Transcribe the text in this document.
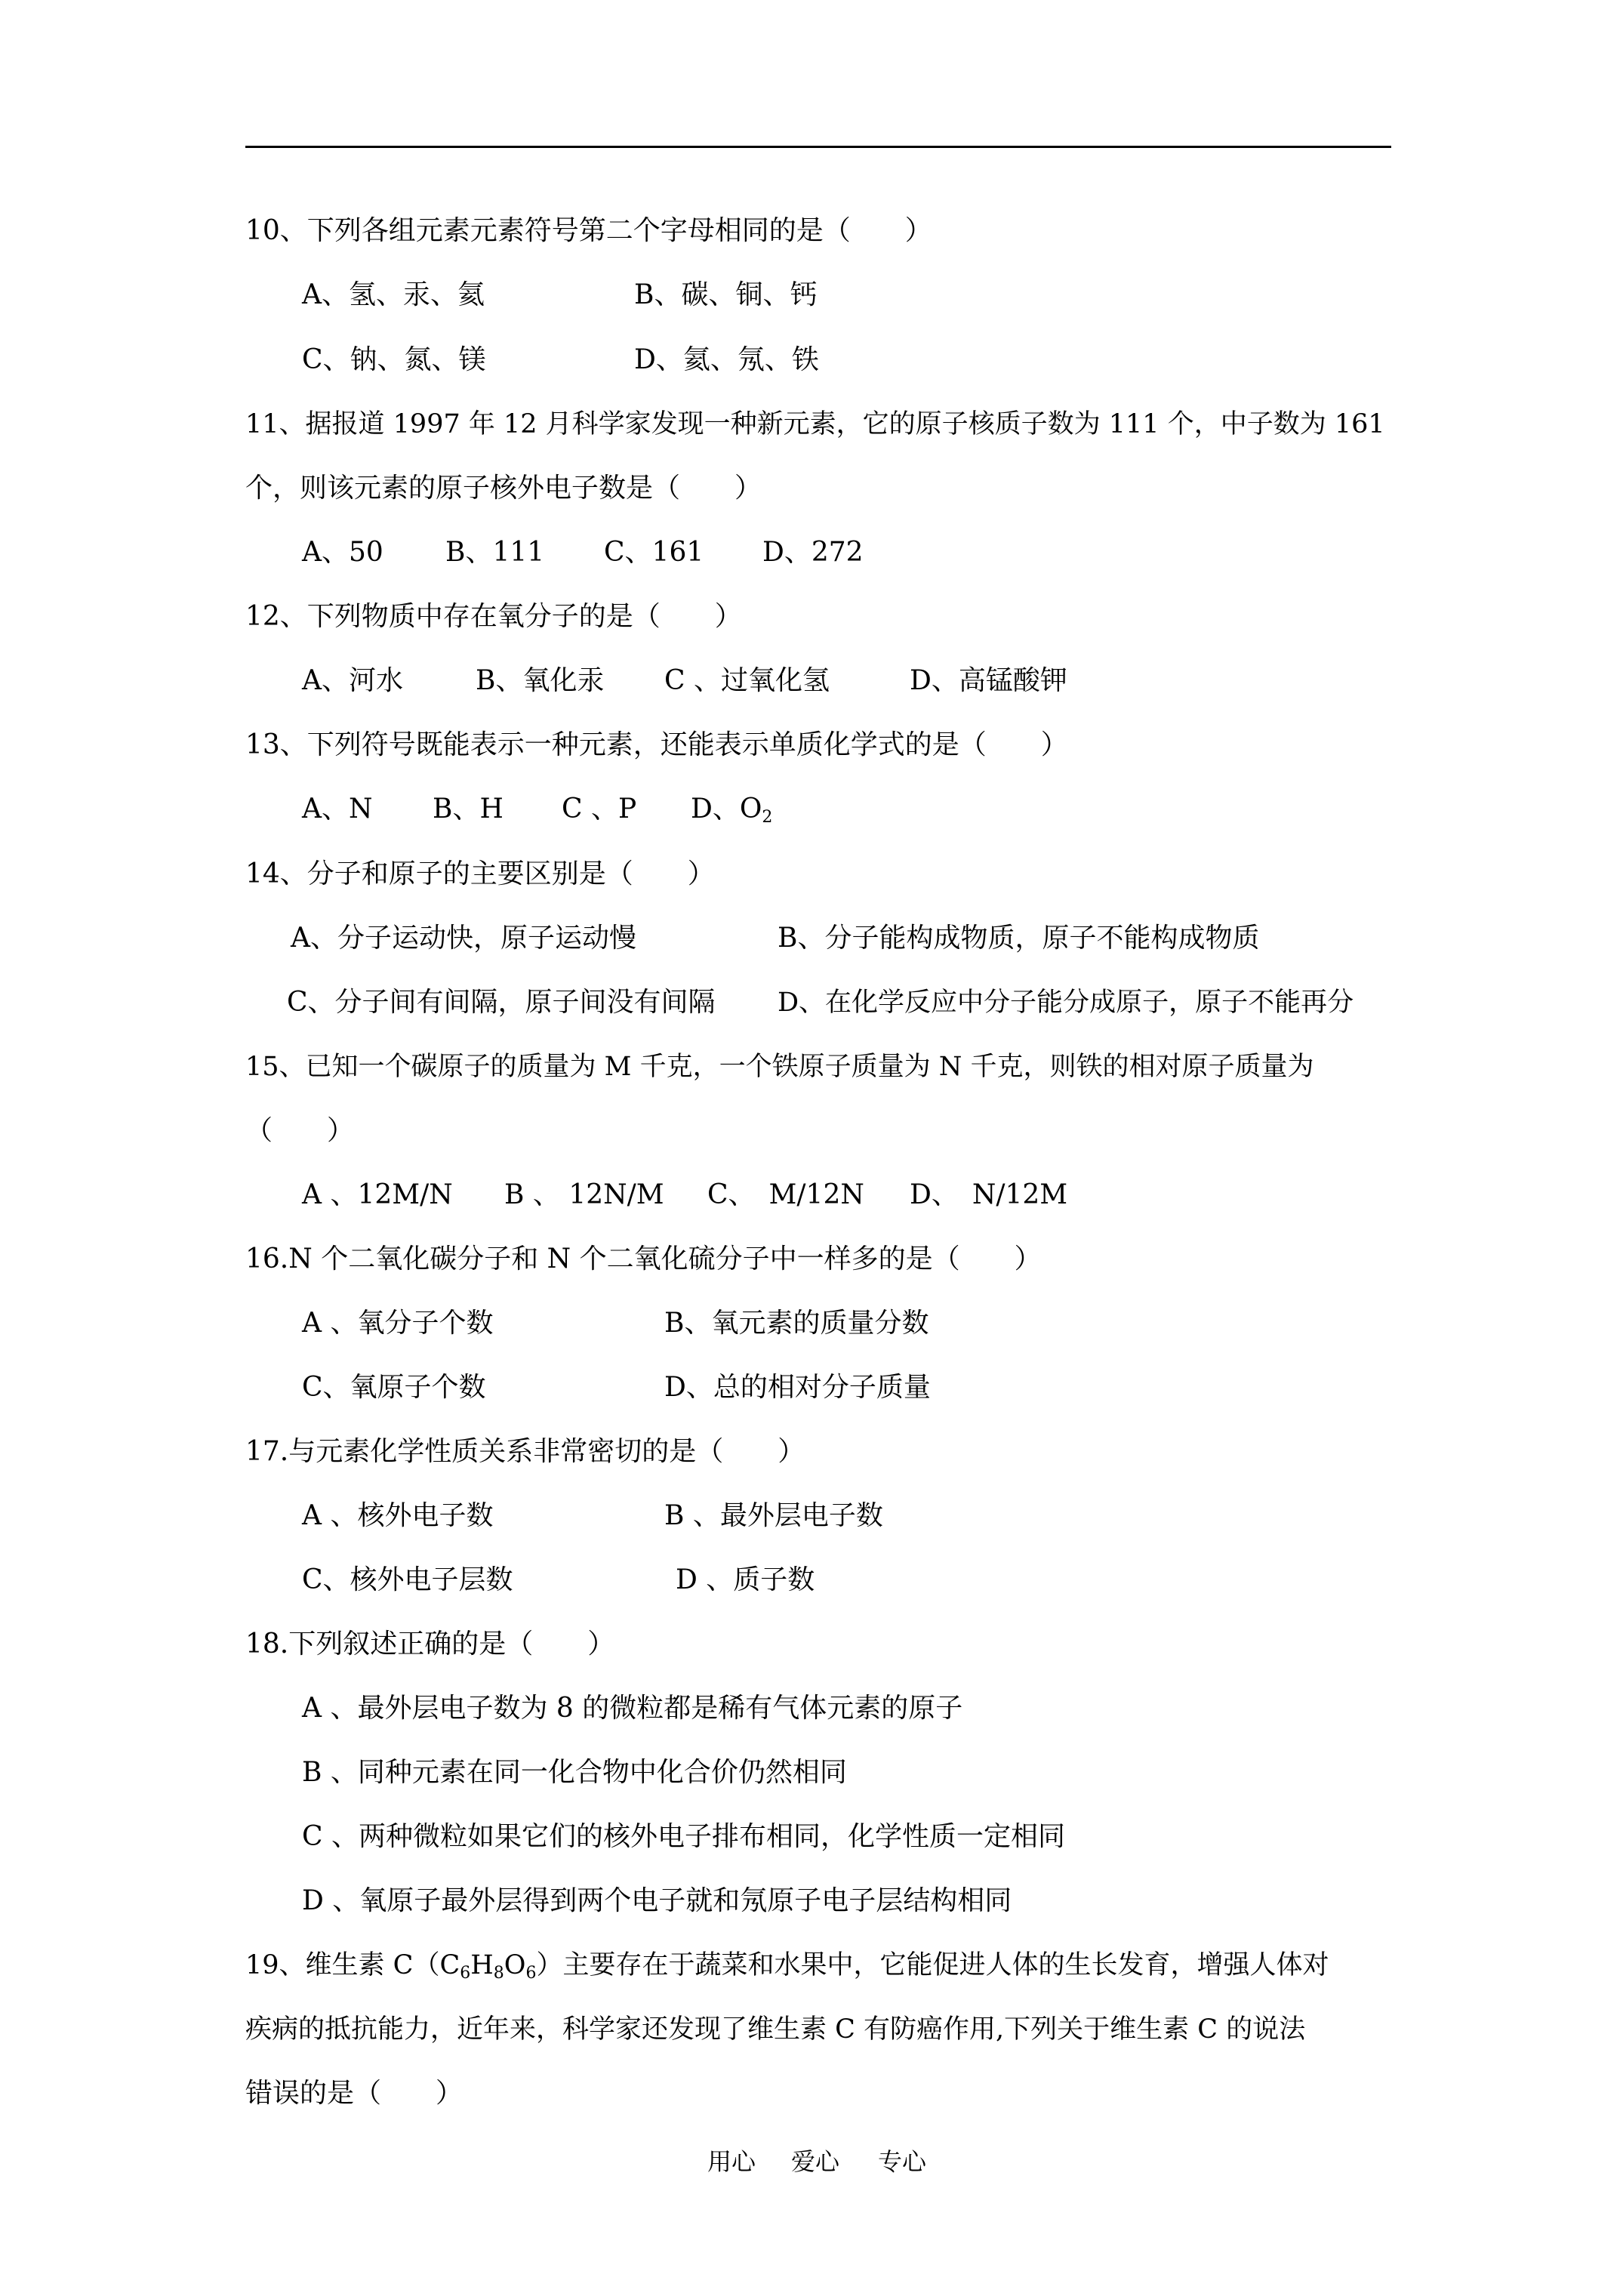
10、下列各组元素元素符号第二个字母相同的是（　　）
A、氢、汞、氦	B、碳、铜、钙
C、钠、氮、镁	D、氦、氖、铁
11、据报道 1997 年 12 月科学家发现一种新元素，它的原子核质子数为 111 个，中子数为 161
个，则该元素的原子核外电子数是（　　）
A、50 B、111 C、161 D、272
12、下列物质中存在氧分子的是（　　）
A、河水	B、氧化汞 C 、过氧化氢	D、高锰酸钾
13、下列符号既能表示一种元素，还能表示单质化学式的是（　　）
A、N B、H C 、P D、$O_2$
14、分子和原子的主要区别是（　　）
A、分子运动快，原子运动慢	B、分子能构成物质，原子不能构成物质
C、分子间有间隔，原子间没有间隔 D、在化学反应中分子能分成原子，原子不能再分
15、已知一个碳原子的质量为 M 千克，一个铁原子质量为 N 千克，则铁的相对原子质量为
（　　）
A 、12M/N B 、 12N/M C、　M/12N D、　N/12M
16.N 个二氧化碳分子和 N 个二氧化硫分子中一样多的是（　　）
A 、氧分子个数	B、氧元素的质量分数
C、氧原子个数	D、总的相对分子质量
17.与元素化学性质关系非常密切的是（　　）
A 、核外电子数	B 、最外层电子数
C、核外电子层数	D 、质子数
18.下列叙述正确的是（　　）
A 、最外层电子数为 8 的微粒都是稀有气体元素的原子
B 、同种元素在同一化合物中化合价仍然相同
C 、两种微粒如果它们的核外电子排布相同，化学性质一定相同
D 、氧原子最外层得到两个电子就和氖原子电子层结构相同
19、维生素 $C(C_6H_8O_6)$主要存在于蔬菜和水果中，它能促进人体的生长发育，增强人体对
疾病的抵抗能力，近年来，科学家还发现了维生素 C 有防癌作用,下列关于维生素 C 的说法
错误的是（　　）
用心 爱心 专心
